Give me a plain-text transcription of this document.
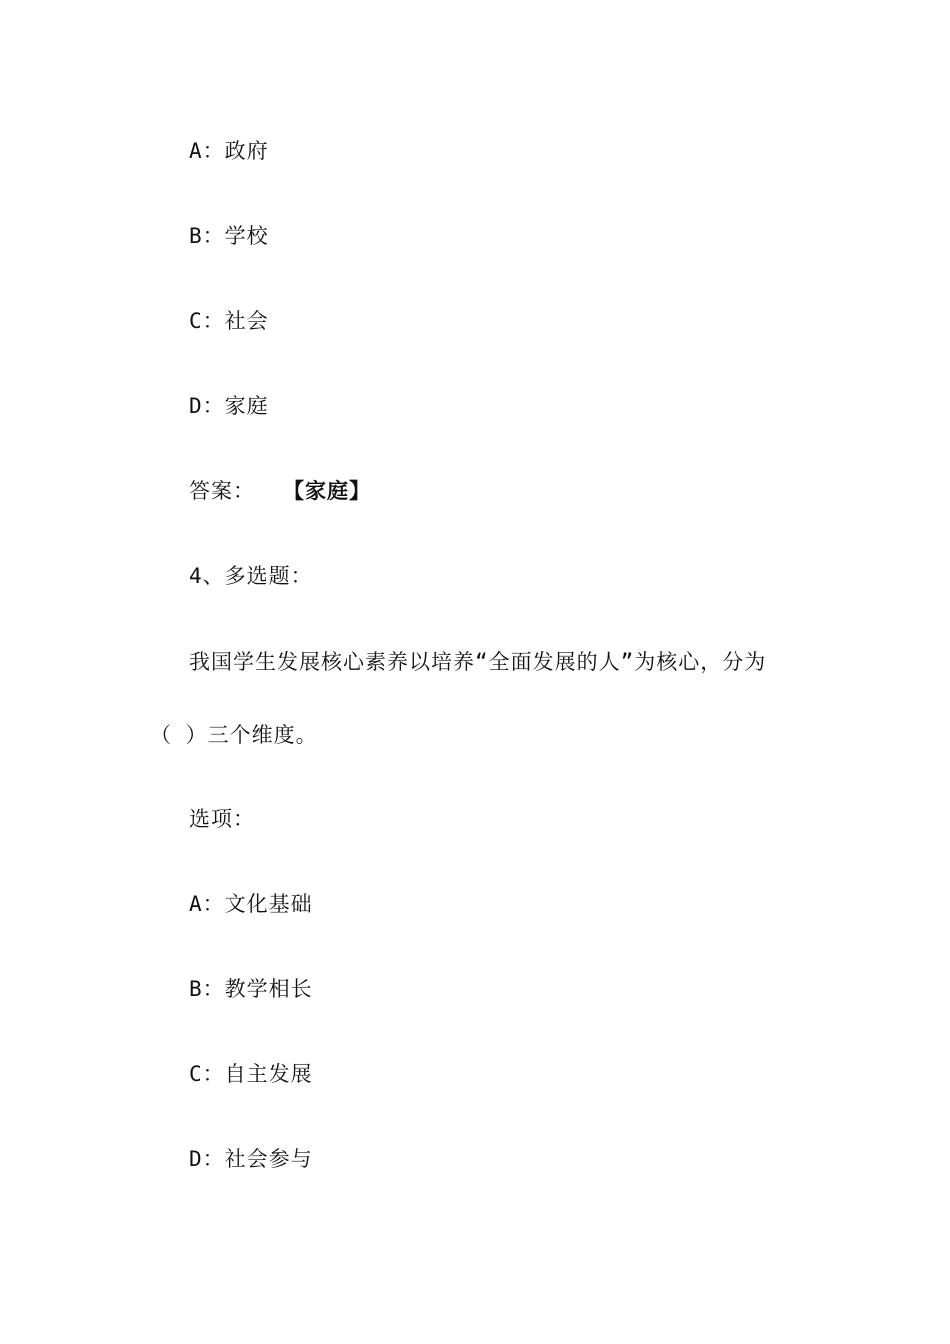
A：政府
B：学校
C：社会
D：家庭
答案： 【家庭】
4、多选题：
我国学生发展核心素养以培养“全面发展的人”为核心，分为
（ ）三个维度。
选项：
A：文化基础
B：教学相长
C：自主发展
D：社会参与
